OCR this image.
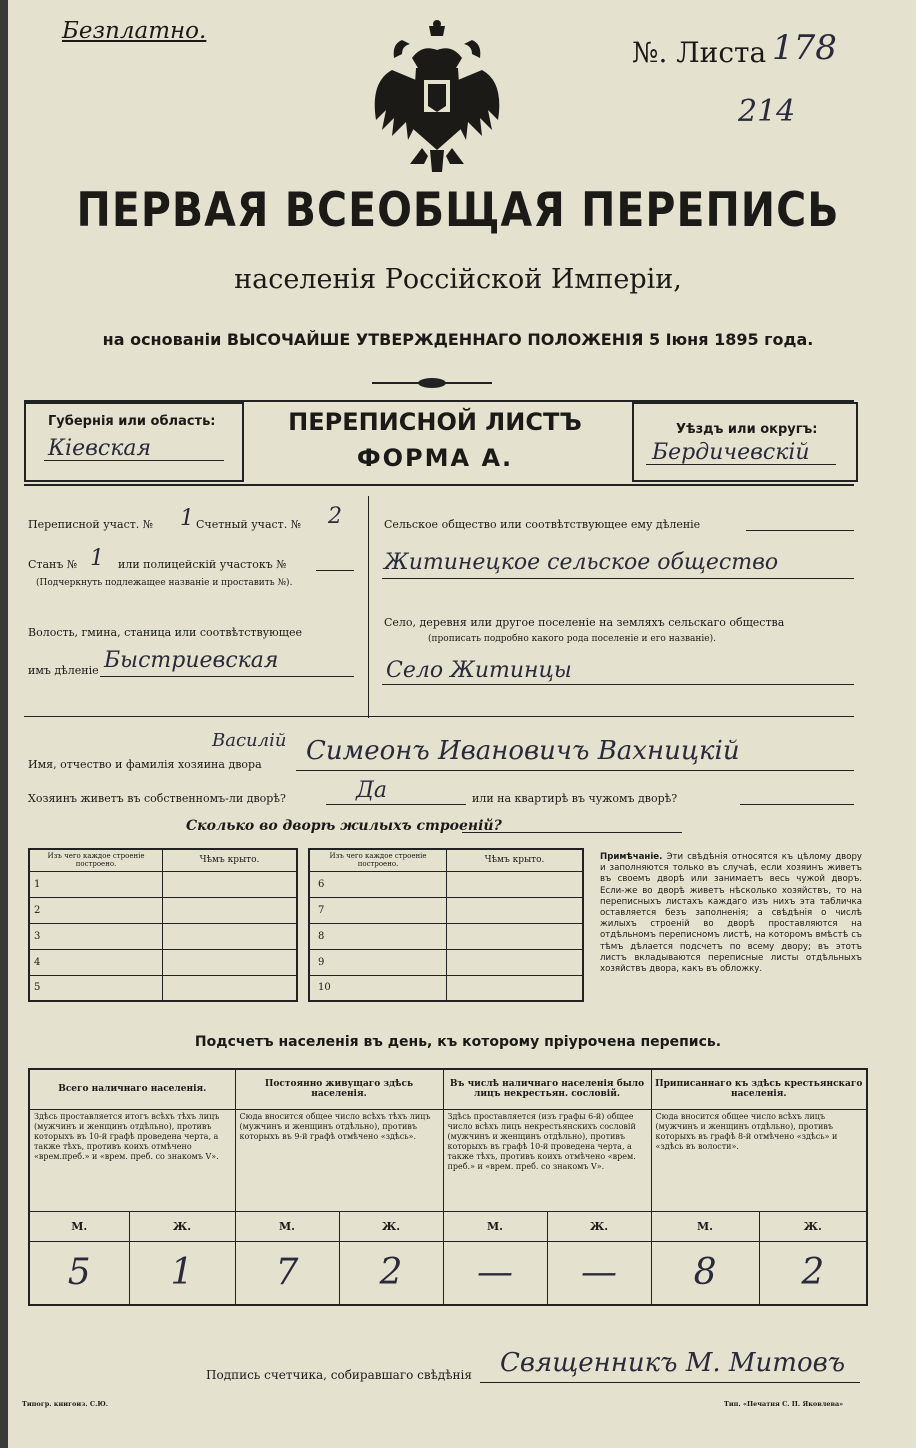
Безплатно.
№. Листа 178
214
ПЕРВАЯ ВСЕОБЩАЯ ПЕРЕПИСЬ
населенія Россійской Имперіи,
на основаніи ВЫСОЧАЙШЕ УТВЕРЖДЕННАГО ПОЛОЖЕНІЯ 5 Іюня 1895 года.
Губернія или область:
Кіевская
ПЕРЕПИСНОЙ ЛИСТЪ
ФОРМА А.
Уѣздъ или округъ:
Бердичевскій
Переписной участ. № 1 Счетный участ. № 2
Станъ № 1 или полицейскій участокъ №
(Подчеркнуть подлежащее названіе и проставить №).
Волость, гмина, станица или соотвѣтствующее
имъ дѣленіе Быстриевская
Сельское общество или соотвѣтствующее ему дѣленіе
Житинецкое сельское общество
Село, деревня или другое поселеніе на земляхъ сельскаго общества
(прописать подробно какого рода поселеніе и его названіе).
Село Житинцы
Василій
Имя, отчество и фамилія хозяина двора Симеонъ Ивановичъ Вахницкій
Хозяинъ живетъ въ собственномъ-ли дворѣ?	Да	или на квартирѣ въ чужомъ дворѣ?
Сколько во дворѣ жилыхъ строеній?
Изъ чего каждое строеніе построено.	Чѣмъ крыто.
1	
2	
3	
4	
5	
Изъ чего каждое строеніе построено.	Чѣмъ крыто.
6	
7	
8	
9	
10	
Примѣчаніе. Эти свѣдѣнія относятся къ цѣлому двору и заполняются только въ случаѣ, если хозяинъ живетъ въ своемъ дворѣ или занимаетъ весь чужой дворъ. Если-же во дворѣ живетъ нѣсколько хозяйствъ, то на переписныхъ листахъ каждаго изъ нихъ эта табличка оставляется безъ заполненія; а свѣдѣнія о числѣ жилыхъ строеній во дворѣ проставляются на отдѣльномъ переписномъ листѣ, на которомъ вмѣстѣ съ тѣмъ дѣлается подсчетъ по всему двору; въ этотъ листъ вкладываются переписные листы отдѣльныхъ хозяйствъ двора, какъ въ обложку.
Подсчетъ населенія въ день, къ которому пріурочена перепись.
Всего наличнаго населенія.		Постоянно живущаго здѣсь населенія.		Въ числѣ наличнаго населенія было лицъ некрестьян. сословій.		Приписаннаго къ здѣсь крестьянскаго населенія.	
Здѣсь проставляется итогъ всѣхъ тѣхъ лицъ (мужчинъ и женщинъ отдѣльно), противъ которыхъ въ 10-й графѣ проведена черта, а также тѣхъ, противъ коихъ отмѣчено «врем.преб.» и «врем. преб. со знакомъ V».		Сюда вносится общее число всѣхъ тѣхъ лицъ (мужчинъ и женщинъ отдѣльно), противъ которыхъ въ 9-й графѣ отмѣчено «здѣсь».		Здѣсь проставляется (изъ графы 6-й) общее число всѣхъ лицъ некрестьянскихъ сословій (мужчинъ и женщинъ отдѣльно), противъ которыхъ въ графѣ 10-й проведена черта, а также тѣхъ, противъ коихъ отмѣчено «врем. преб.» и «врем. преб. со знакомъ V».		Сюда вносится общее число всѣхъ лицъ (мужчинъ и женщинъ отдѣльно), противъ которыхъ въ графѣ 8-й отмѣчено «здѣсь» и «здѣсь въ волости».	
М.	Ж.	М.	Ж.	М.	Ж.	М.	Ж.
5	1	7	2	—	—	8	2
Подпись счетчика, собиравшаго свѣдѣнія Священникъ М. Митовъ
Типогр. книгоиз. С.Ю.	Тип. «Печатня С. П. Яковлева»
